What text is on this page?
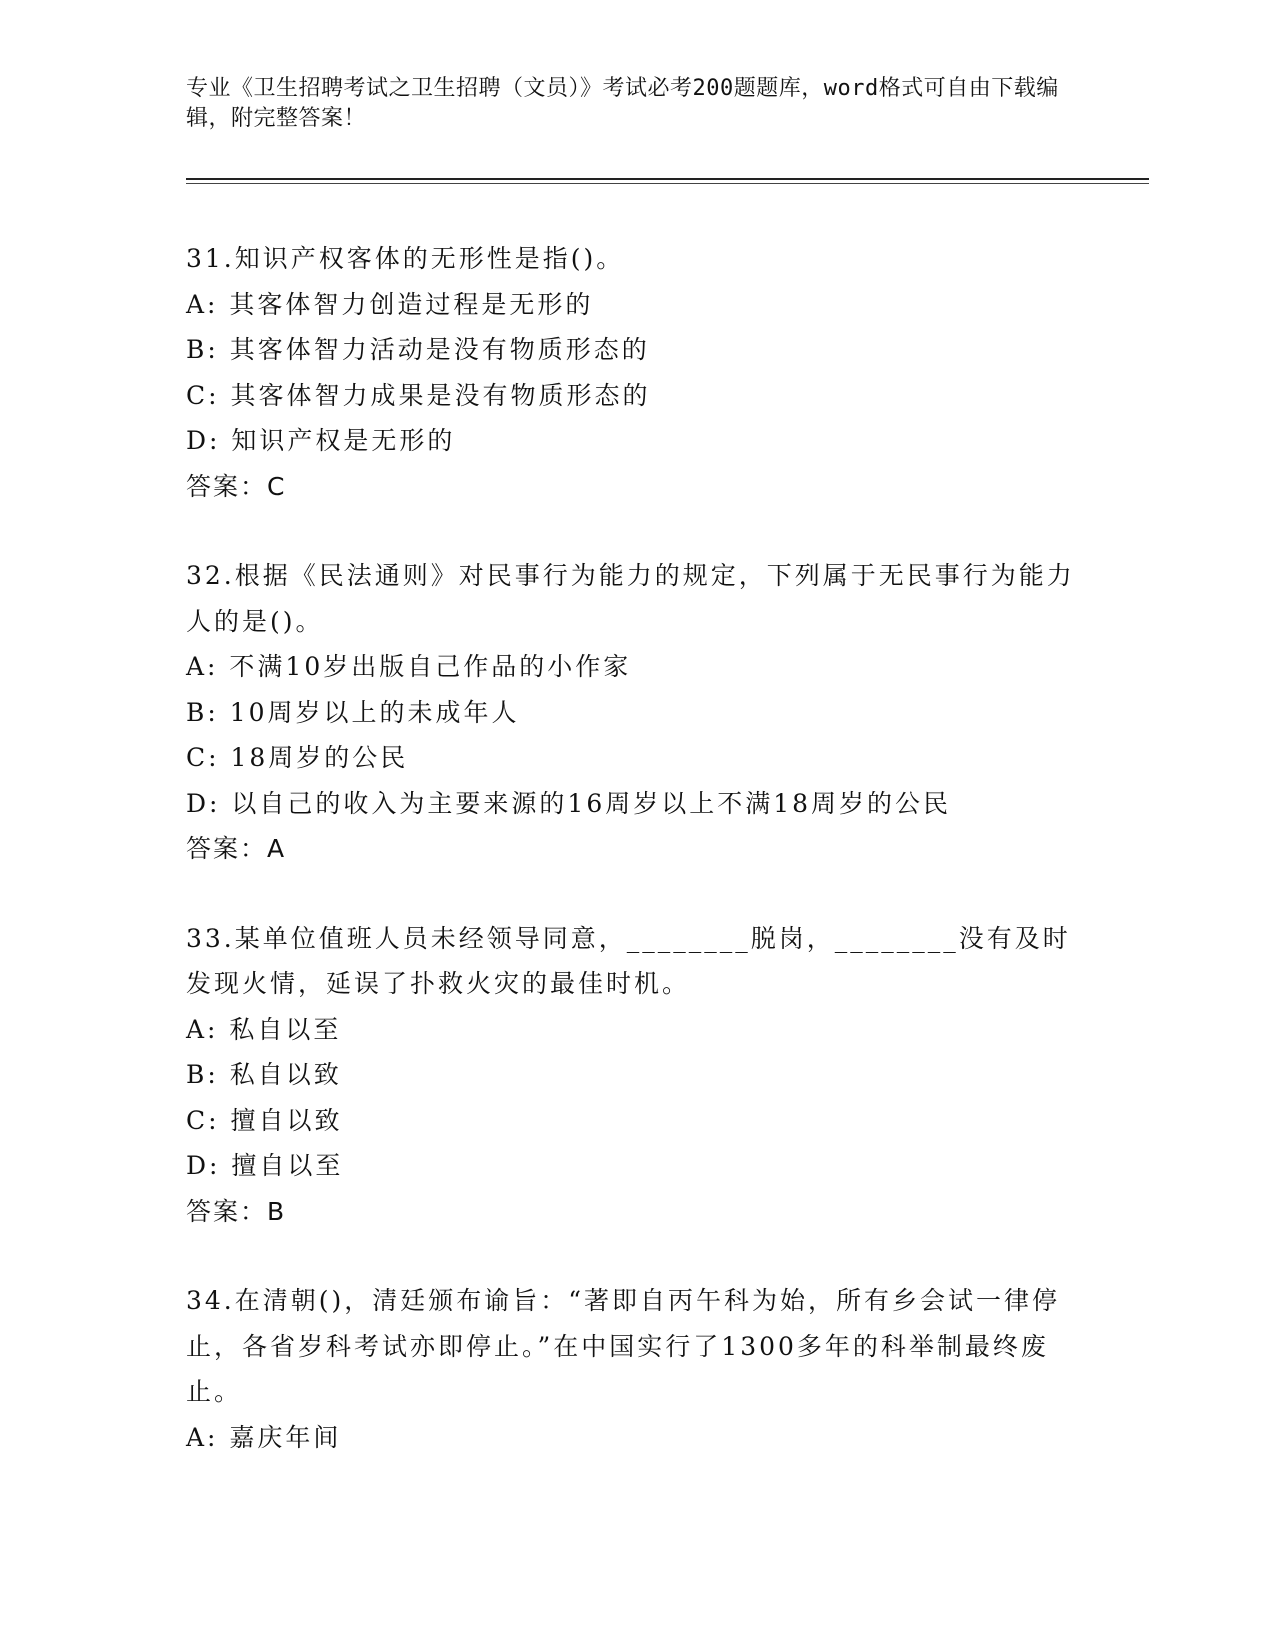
专业《卫生招聘考试之卫生招聘（文员）》考试必考200题题库，word格式可自由下载编辑，附完整答案！

31.知识产权客体的无形性是指()。

A: 其客体智力创造过程是无形的

B: 其客体智力活动是没有物质形态的

C: 其客体智力成果是没有物质形态的

D: 知识产权是无形的

答案：C

32.根据《民法通则》对民事行为能力的规定，下列属于无民事行为能力人的是()。

A: 不满10岁出版自己作品的小作家

B: 10周岁以上的未成年人

C: 18周岁的公民

D: 以自己的收入为主要来源的16周岁以上不满18周岁的公民

答案：A

33.某单位值班人员未经领导同意，________脱岗，________没有及时发现火情，延误了扑救火灾的最佳时机。

A: 私自以至

B: 私自以致

C: 擅自以致

D: 擅自以至

答案：B

34.在清朝()，清廷颁布谕旨：“著即自丙午科为始，所有乡会试一律停止，各省岁科考试亦即停止。”在中国实行了1300多年的科举制最终废止。

A: 嘉庆年间
